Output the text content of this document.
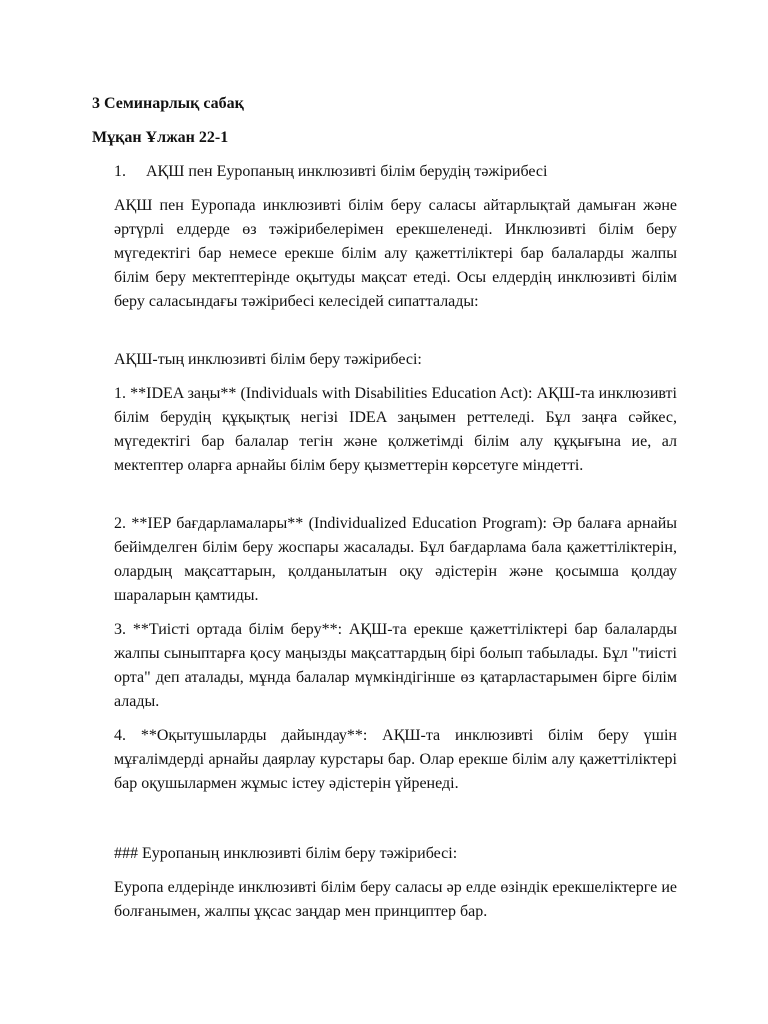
3 Семинарлық сабақ
Мұқан Ұлжан 22-1
1. АҚШ пен Еуропаның инклюзивті білім берудің тәжірибесі

АҚШ пен Еуропада инклюзивті білім беру саласы айтарлықтай дамыған және әртүрлі елдерде өз тәжірибелерімен ерекшеленеді. Инклюзивті білім беру мүгедектігі бар немесе ерекше білім алу қажеттіліктері бар балаларды жалпы білім беру мектептерінде оқытуды мақсат етеді. Осы елдердің инклюзивті білім беру саласындағы тәжірибесі келесідей сипатталады:

АҚШ-тың инклюзивті білім беру тәжірибесі:

1. **IDEA заңы** (Individuals with Disabilities Education Act): АҚШ-та инклюзивті білім берудің құқықтық негізі IDEA заңымен реттеледі. Бұл заңға сәйкес, мүгедектігі бар балалар тегін және қолжетімді білім алу құқығына ие, ал мектептер оларға арнайы білім беру қызметтерін көрсетуге міндетті.

2. **IEP бағдарламалары** (Individualized Education Program): Әр балаға арнайы бейімделген білім беру жоспары жасалады. Бұл бағдарлама бала қажеттіліктерін, олардың мақсаттарын, қолданылатын оқу әдістерін және қосымша қолдау шараларын қамтиды.

3. **Тиісті ортада білім беру**: АҚШ-та ерекше қажеттіліктері бар балаларды жалпы сыныптарға қосу маңызды мақсаттардың бірі болып табылады. Бұл "тиісті орта" деп аталады, мұнда балалар мүмкіндігінше өз қатарластарымен бірге білім алады.

4. **Оқытушыларды дайындау**: АҚШ-та инклюзивті білім беру үшін мұғалімдерді арнайы даярлау курстары бар. Олар ерекше білім алу қажеттіліктері бар оқушылармен жұмыс істеу әдістерін үйренеді.

### Еуропаның инклюзивті білім беру тәжірибесі:

Еуропа елдерінде инклюзивті білім беру саласы әр елде өзіндік ерекшеліктерге ие болғанымен, жалпы ұқсас заңдар мен принциптер бар.
